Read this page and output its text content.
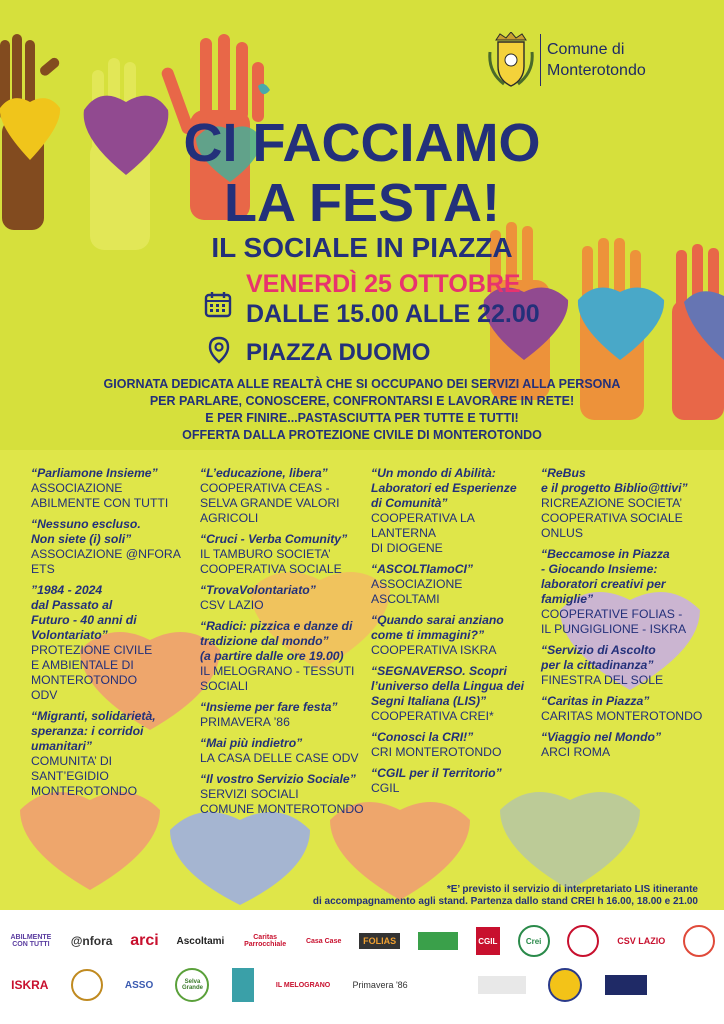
Comune di
Monterotondo
CI FACCIAMO
LA FESTA!
IL SOCIALE IN PIAZZA
VENERDÌ 25 OTTOBRE
DALLE 15.00 ALLE 22.00
PIAZZA DUOMO
GIORNATA DEDICATA ALLE REALTÀ CHE SI OCCUPANO DEI SERVIZI ALLA PERSONA
PER PARLARE, CONOSCERE, CONFRONTARSI E LAVORARE IN RETE!
E PER FINIRE...PASTASCIUTTA PER TUTTE E TUTTI!
OFFERTA DALLA PROTEZIONE CIVILE DI MONTEROTONDO
“Parliamone Insieme”
ASSOCIAZIONE
ABILMENTE CON TUTTI
“Nessuno escluso.
Non siete (i) soli”
ASSOCIAZIONE @NFORA
ETS
”1984 - 2024
dal Passato al
Futuro - 40 anni di
Volontariato”
PROTEZIONE CIVILE
E AMBIENTALE DI
MONTEROTONDO
ODV
“Migranti, solidarietà,
speranza: i corridoi
umanitari”
COMUNITA’ DI
SANT’EGIDIO
MONTEROTONDO
“L’educazione, libera”
COOPERATIVA CEAS -
SELVA GRANDE VALORI
AGRICOLI
“Cruci - Verba Comunity”
IL TAMBURO SOCIETA’
COOPERATIVA SOCIALE
“TrovaVolontariato”
CSV LAZIO
“Radici: pizzica e danze di
tradizione dal mondo”
(a partire dalle ore 19.00)
IL MELOGRANO - TESSUTI
SOCIALI
“Insieme per fare festa”
PRIMAVERA ’86
“Mai più indietro”
LA CASA DELLE CASE ODV
“Il vostro Servizio Sociale”
SERVIZI SOCIALI
COMUNE MONTEROTONDO
“Un mondo di Abilità:
Laboratori ed Esperienze
di Comunità”
COOPERATIVA LA
LANTERNA
DI DIOGENE
“ASCOLTIamoCI”
ASSOCIAZIONE
ASCOLTAMI
“Quando sarai anziano
come ti immagini?”
COOPERATIVA ISKRA
“SEGNAVERSO. Scopri
l’universo della Lingua dei
Segni Italiana (LIS)”
COOPERATIVA CREI*
“Conosci la CRI!”
CRI MONTEROTONDO
“CGIL per il Territorio”
CGIL
“ReBus
e il progetto Biblio@ttivi”
RICREAZIONE SOCIETA’
COOPERATIVA SOCIALE
ONLUS
“Beccamose in Piazza
- Giocando Insieme:
laboratori creativi per
famiglie”
COOPERATIVE FOLIAS -
IL PUNGIGLIONE - ISKRA
“Servizio di Ascolto
per la cittadinanza”
FINESTRA DEL SOLE
“Caritas in Piazza”
CARITAS MONTEROTONDO
“Viaggio nel Mondo”
ARCI ROMA
*E’ previsto il servizio di interpretariato LIS itinerante
di accompagnamento agli stand. Partenza dallo stand CREI h 16.00, 18.00 e 21.00
ABILMENTE CON TUTTI @nfora arci Ascoltami	Caritas Parrocchiale	Casa Case	FOLIAS	CGIL	Crei	CSV LAZIO
ISKRA	ASSO	Selva Grande	IL MELOGRANO Primavera '86
